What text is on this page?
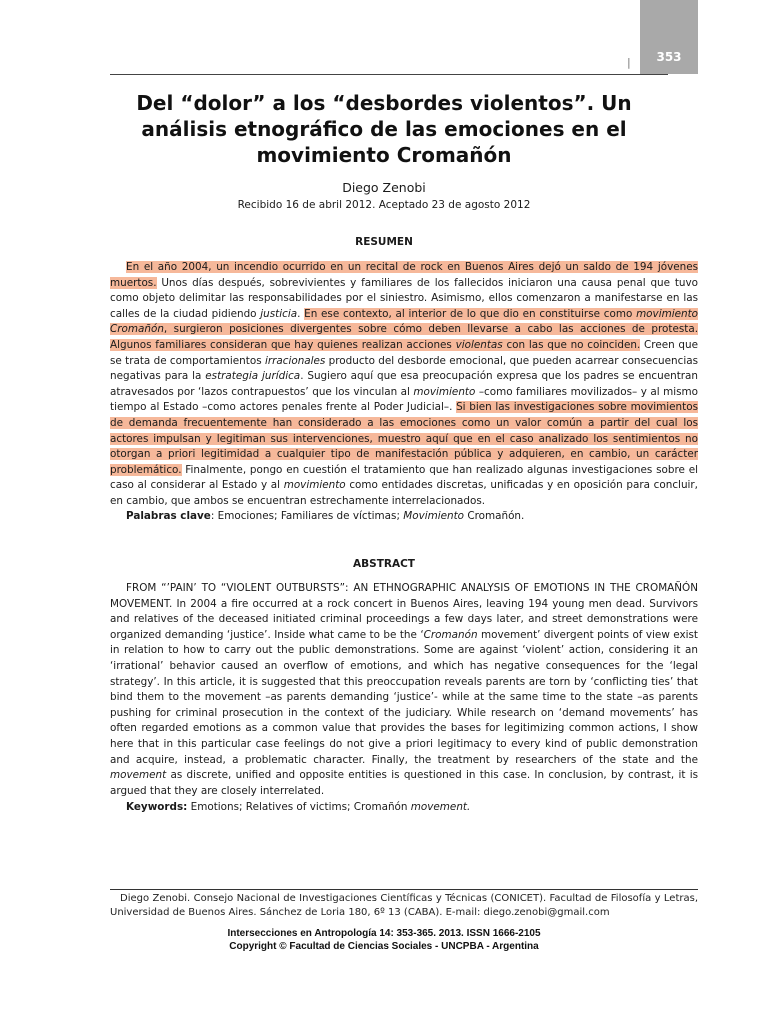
353
|
Del “dolor” a los “desbordes violentos”. Un análisis etnográfico de las emociones en el movimiento Cromañón
Diego Zenobi
Recibido 16 de abril 2012. Aceptado 23 de agosto 2012
RESUMEN
En el año 2004, un incendio ocurrido en un recital de rock en Buenos Aires dejó un saldo de 194 jóvenes muertos. Unos días después, sobrevivientes y familiares de los fallecidos iniciaron una causa penal que tuvo como objeto delimitar las responsabilidades por el siniestro. Asimismo, ellos comenzaron a manifestarse en las calles de la ciudad pidiendo justicia. En ese contexto, al interior de lo que dio en constituirse como movimiento Cromañón, surgieron posiciones divergentes sobre cómo deben llevarse a cabo las acciones de protesta. Algunos familiares consideran que hay quienes realizan acciones violentas con las que no coinciden. Creen que se trata de comportamientos irracionales producto del desborde emocional, que pueden acarrear consecuencias negativas para la estrategia jurídica. Sugiero aquí que esa preocupación expresa que los padres se encuentran atravesados por ‘lazos contrapuestos’ que los vinculan al movimiento –como familiares movilizados– y al mismo tiempo al Estado –como actores penales frente al Poder Judicial–. Si bien las investigaciones sobre movimientos de demanda frecuentemente han considerado a las emociones como un valor común a partir del cual los actores impulsan y legitiman sus intervenciones, muestro aquí que en el caso analizado los sentimientos no otorgan a priori legitimidad a cualquier tipo de manifestación pública y adquieren, en cambio, un carácter problemático. Finalmente, pongo en cuestión el tratamiento que han realizado algunas investigaciones sobre el caso al considerar al Estado y al movimiento como entidades discretas, unificadas y en oposición para concluir, en cambio, que ambos se encuentran estrechamente interrelacionados.
Palabras clave: Emociones; Familiares de víctimas; Movimiento Cromañón.
ABSTRACT
FROM “’PAIN’ TO “VIOLENT OUTBURSTS”: AN ETHNOGRAPHIC ANALYSIS OF EMOTIONS IN THE CROMAÑÓN MOVEMENT. In 2004 a fire occurred at a rock concert in Buenos Aires, leaving 194 young men dead. Survivors and relatives of the deceased initiated criminal proceedings a few days later, and street demonstrations were organized demanding ‘justice’. Inside what came to be the ‘Cromanón movement’ divergent points of view exist in relation to how to carry out the public demonstrations. Some are against ‘violent’ action, considering it an ‘irrational’ behavior caused an overflow of emotions, and which has negative consequences for the ‘legal strategy’. In this article, it is suggested that this preoccupation reveals parents are torn by ‘conflicting ties’ that bind them to the movement –as parents demanding ‘justice’- while at the same time to the state –as parents pushing for criminal prosecution in the context of the judiciary. While research on ‘demand movements’ has often regarded emotions as a common value that provides the bases for legitimizing common actions, I show here that in this particular case feelings do not give a priori legitimacy to every kind of public demonstration and acquire, instead, a problematic character. Finally, the treatment by researchers of the state and the movement as discrete, unified and opposite entities is questioned in this case. In conclusion, by contrast, it is argued that they are closely interrelated.
Keywords: Emotions; Relatives of victims; Cromañón movement.
Diego Zenobi. Consejo Nacional de Investigaciones Científicas y Técnicas (CONICET). Facultad de Filosofía y Letras, Universidad de Buenos Aires. Sánchez de Loria 180, 6º 13 (CABA). E-mail: diego.zenobi@gmail.com
Intersecciones en Antropología 14: 353-365. 2013. ISSN 1666-2105
Copyright © Facultad de Ciencias Sociales - UNCPBA - Argentina
